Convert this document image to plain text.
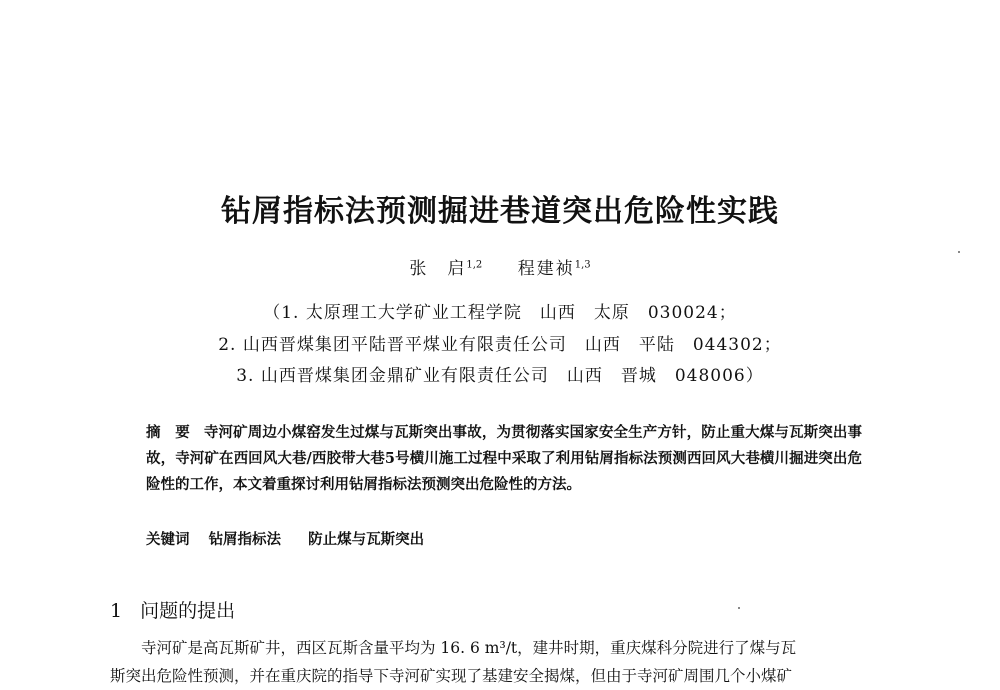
钻屑指标法预测掘进巷道突出危险性实践
张　启$^{1,2}$ 程建祯$^{1,3}$
（1. 太原理工大学矿业工程学院　山西　太原　030024；
2. 山西晋煤集团平陆晋平煤业有限责任公司　山西　平陆　044302；
3. 山西晋煤集团金鼎矿业有限责任公司　山西　晋城　048006）
摘　要 寺河矿周边小煤窑发生过煤与瓦斯突出事故，为贯彻落实国家安全生产方针，防止重大煤与瓦斯突出事故，寺河矿在西回风大巷/西胶带大巷5号横川施工过程中采取了利用钻屑指标法预测西回风大巷横川掘进突出危险性的工作，本文着重探讨利用钻屑指标法预测突出危险性的方法。
关键词 钻屑指标法 防止煤与瓦斯突出
1 问题的提出
寺河矿是高瓦斯矿井，西区瓦斯含量平均为 16. 6 m³/t，建井时期，重庆煤科分院进行了煤与瓦
斯突出危险性预测，并在重庆院的指导下寺河矿实现了基建安全揭煤，但由于寺河矿周围几个小煤矿
